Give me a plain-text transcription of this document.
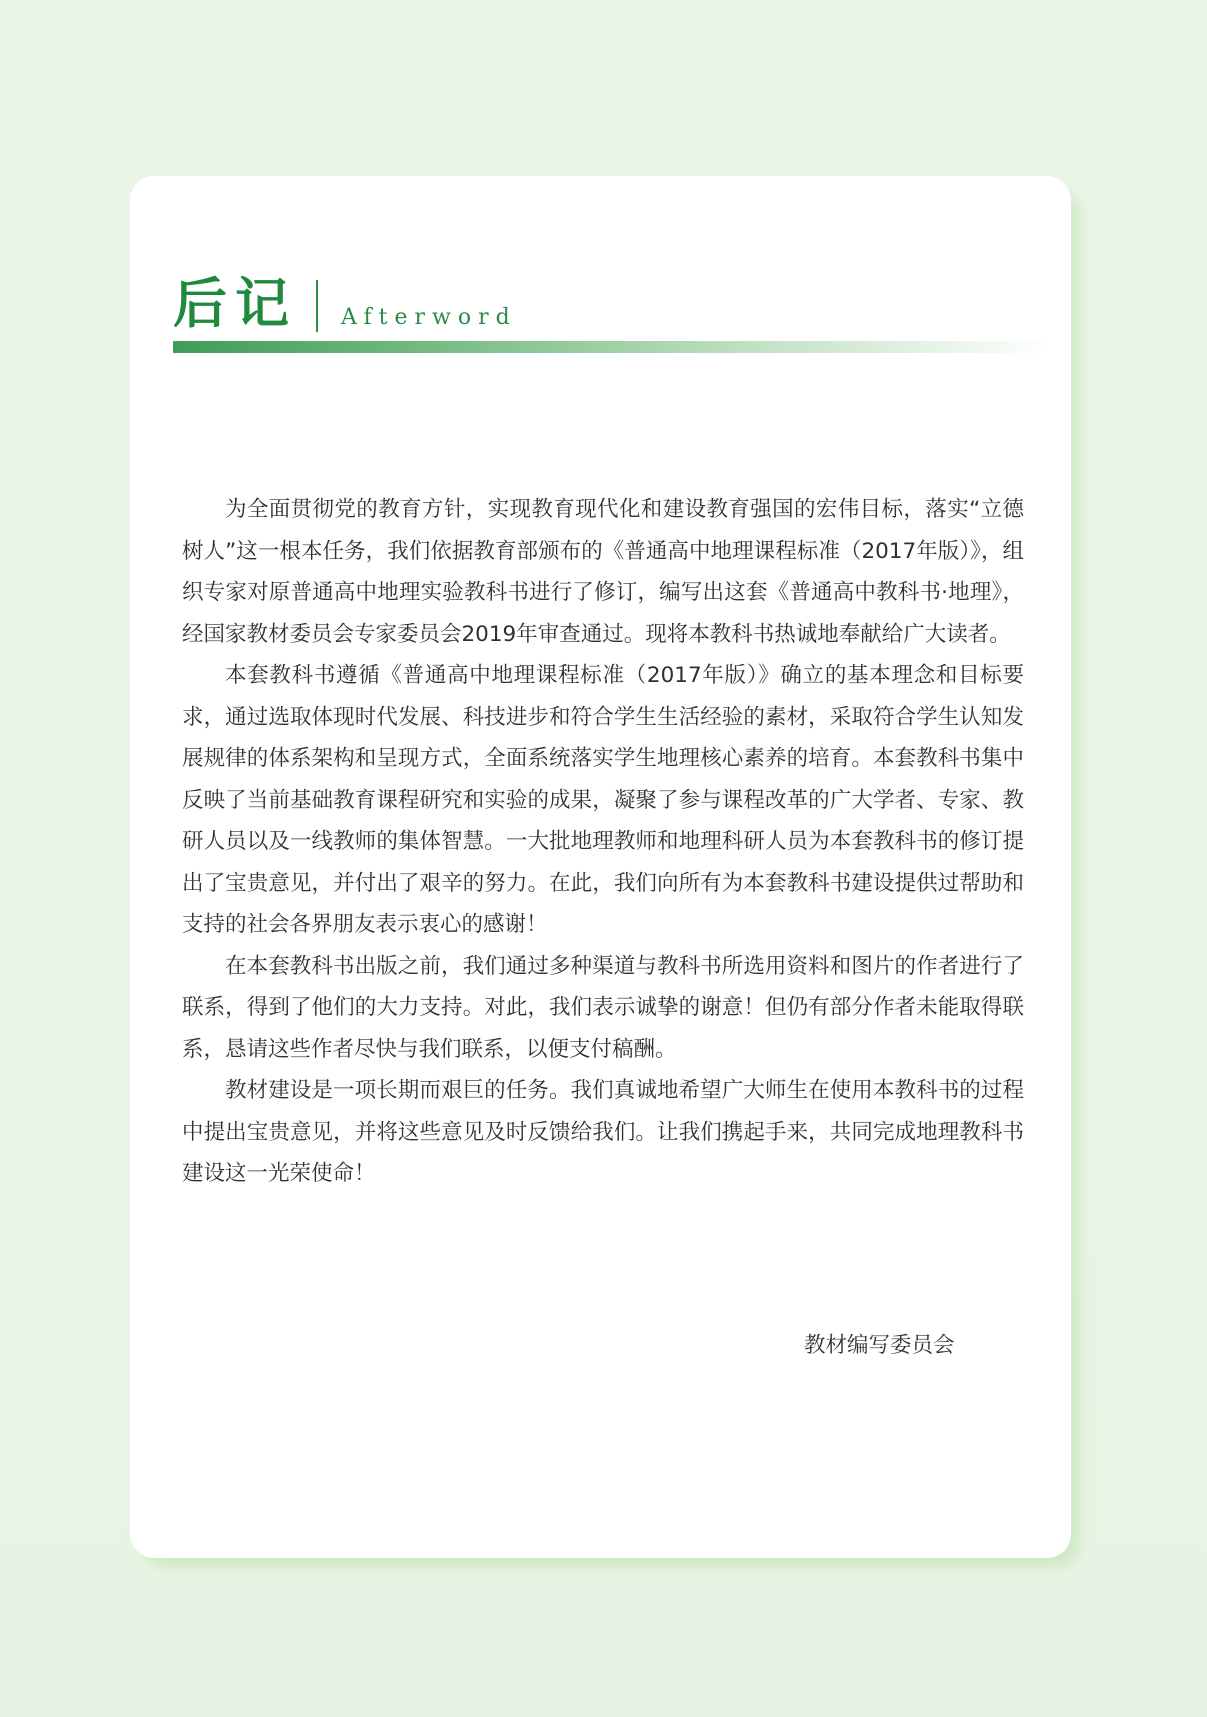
后记 Afterword

为全面贯彻党的教育方针，实现教育现代化和建设教育强国的宏伟目标，落实“立德树人”这一根本任务，我们依据教育部颁布的《普通高中地理课程标准（2017年版）》，组织专家对原普通高中地理实验教科书进行了修订，编写出这套《普通高中教科书·地理》，经国家教材委员会专家委员会2019年审查通过。现将本教科书热诚地奉献给广大读者。

本套教科书遵循《普通高中地理课程标准（2017年版）》确立的基本理念和目标要求，通过选取体现时代发展、科技进步和符合学生生活经验的素材，采取符合学生认知发展规律的体系架构和呈现方式，全面系统落实学生地理核心素养的培育。本套教科书集中反映了当前基础教育课程研究和实验的成果，凝聚了参与课程改革的广大学者、专家、教研人员以及一线教师的集体智慧。一大批地理教师和地理科研人员为本套教科书的修订提出了宝贵意见，并付出了艰辛的努力。在此，我们向所有为本套教科书建设提供过帮助和支持的社会各界朋友表示衷心的感谢！

在本套教科书出版之前，我们通过多种渠道与教科书所选用资料和图片的作者进行了联系，得到了他们的大力支持。对此，我们表示诚挚的谢意！但仍有部分作者未能取得联系，恳请这些作者尽快与我们联系，以便支付稿酬。

教材建设是一项长期而艰巨的任务。我们真诚地希望广大师生在使用本教科书的过程中提出宝贵意见，并将这些意见及时反馈给我们。让我们携起手来，共同完成地理教科书建设这一光荣使命！

教材编写委员会
